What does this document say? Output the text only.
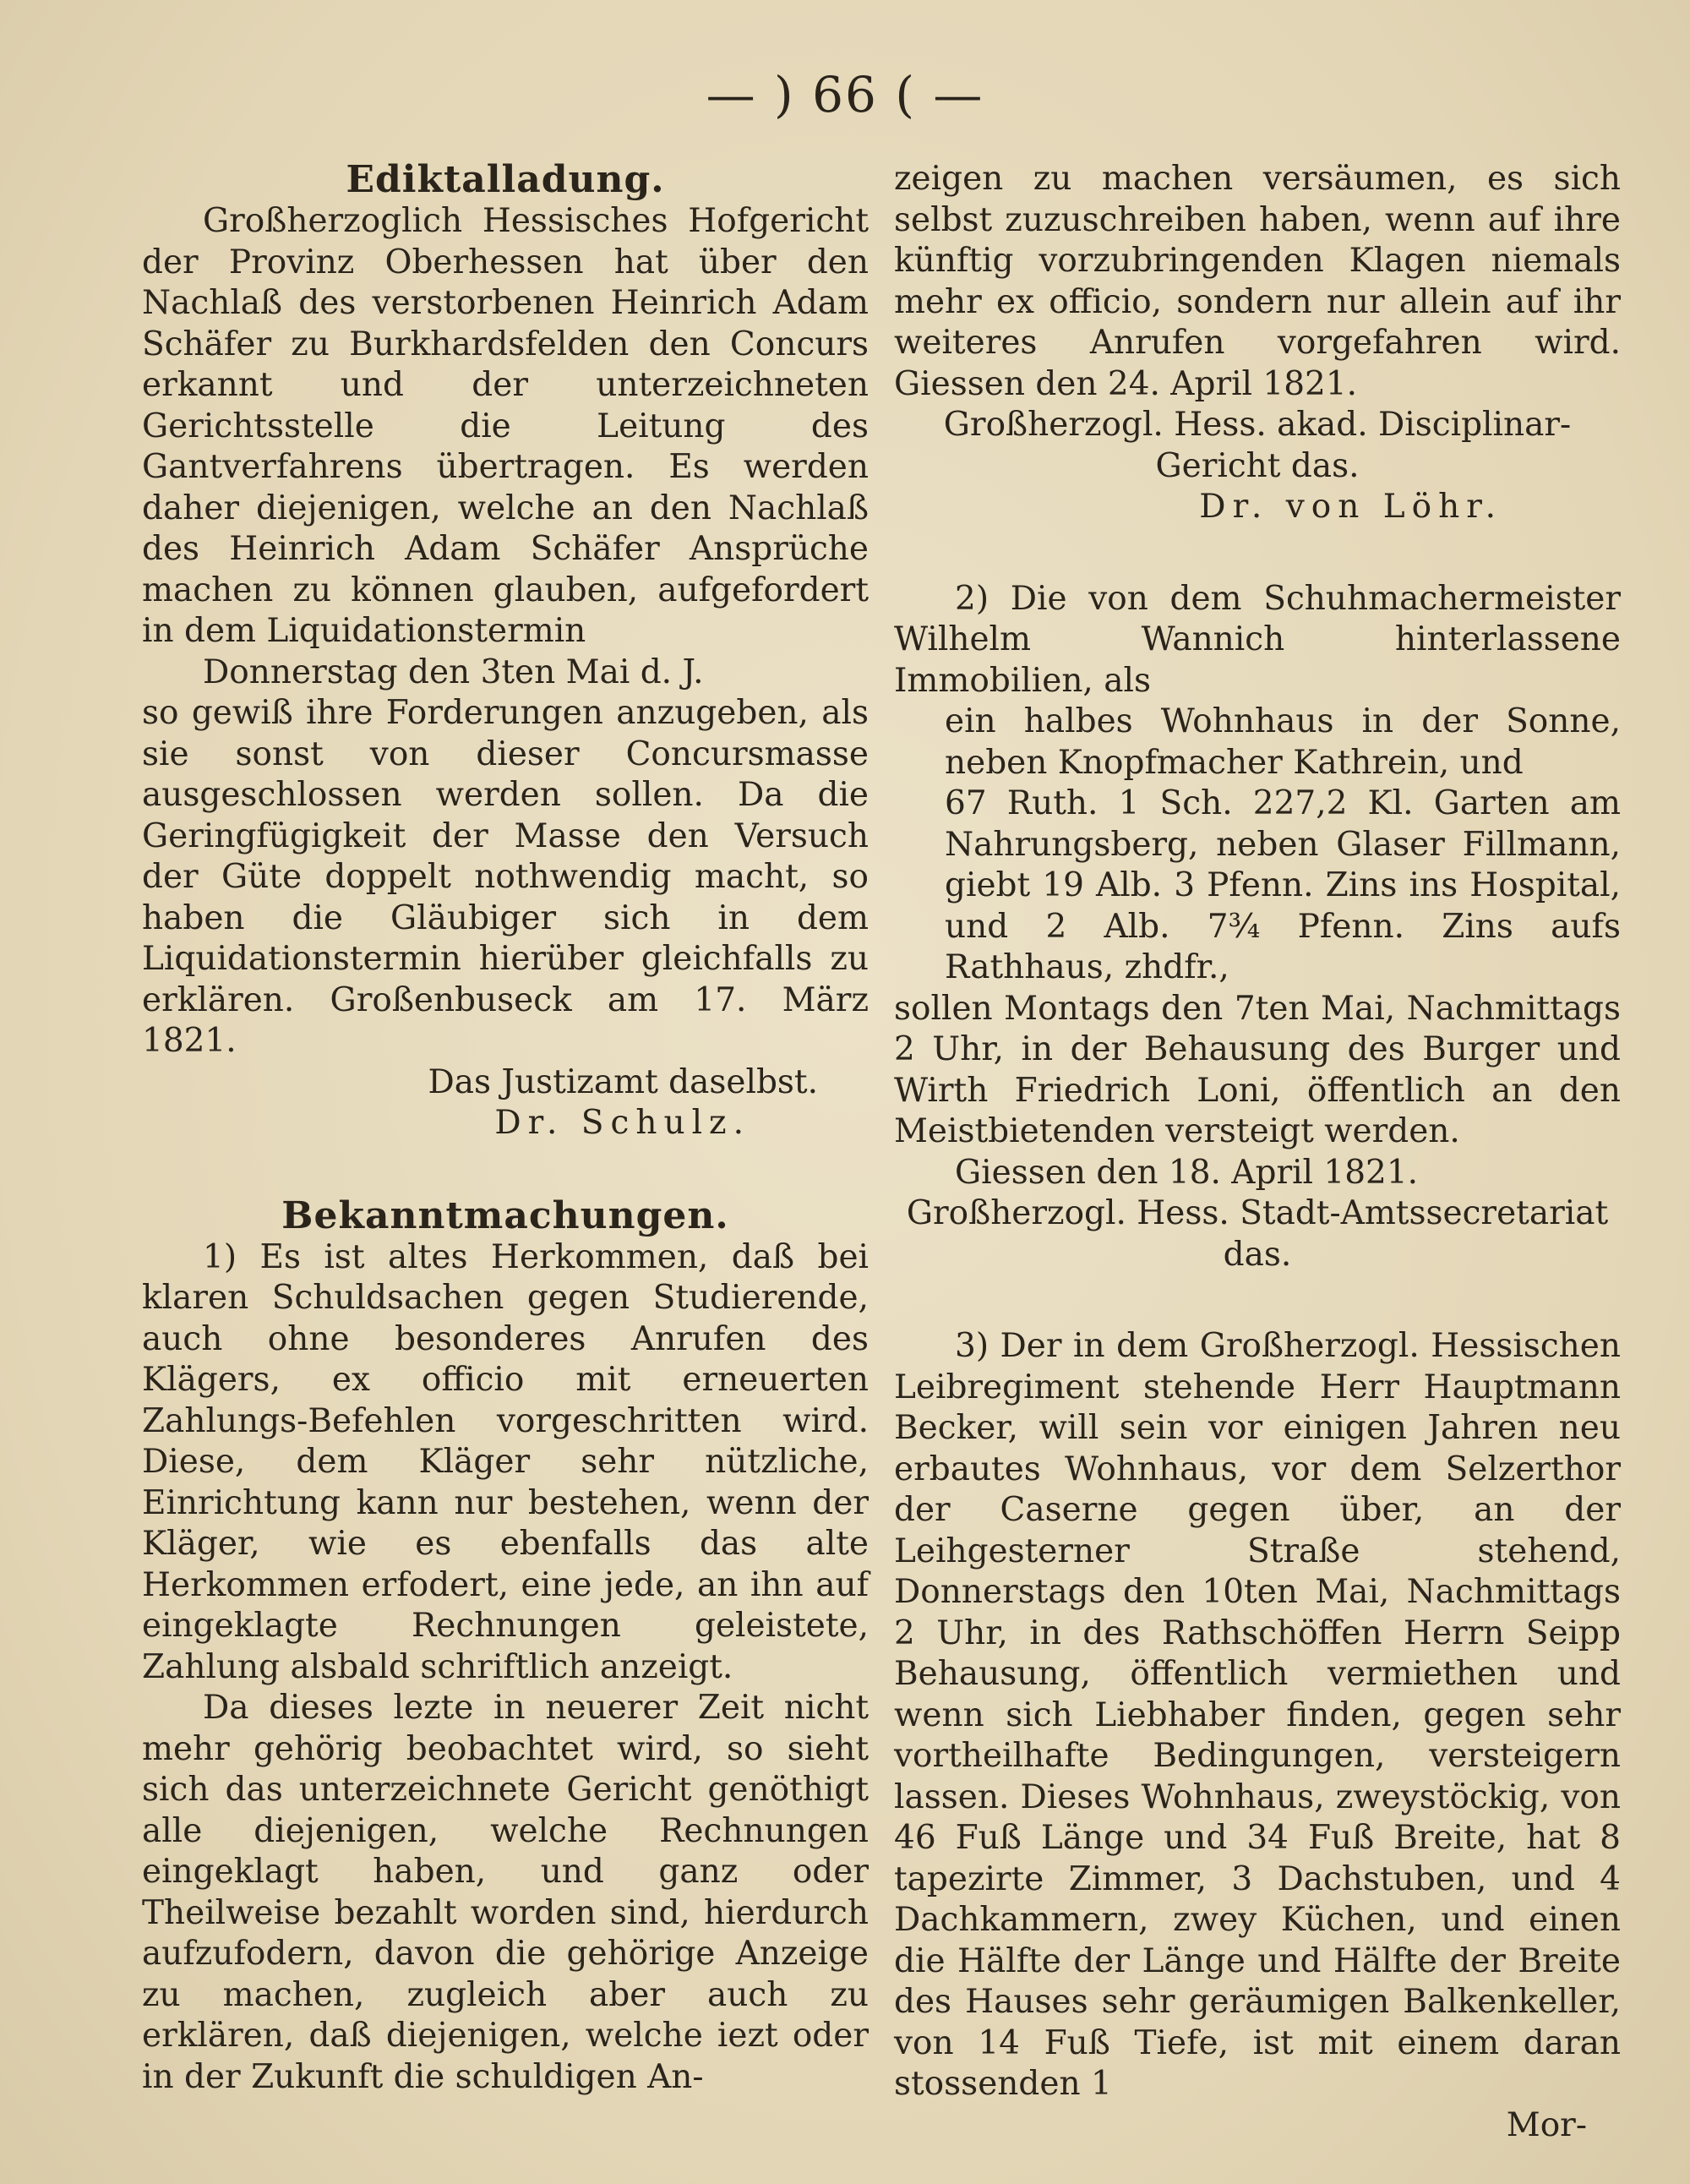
— ) 66 ( —
Ediktalladung.

Großherzoglich Hessisches Hofgericht der Provinz Oberhessen hat über den Nachlaß des verstorbenen Heinrich Adam Schäfer zu Burkhardsfelden den Concurs erkannt und der unterzeichneten Gerichtsstelle die Leitung des Gantverfahrens übertragen. Es werden daher diejenigen, welche an den Nachlaß des Heinrich Adam Schäfer Ansprüche machen zu können glauben, aufgefordert in dem Liquidationstermin

Donnerstag den 3ten Mai d. J.

so gewiß ihre Forderungen anzugeben, als sie sonst von dieser Concursmasse ausgeschlossen werden sollen. Da die Geringfügigkeit der Masse den Versuch der Güte doppelt nothwendig macht, so haben die Gläubiger sich in dem Liquidationstermin hierüber gleichfalls zu erklären. Großenbuseck am 17. März 1821.

Das Justizamt daselbst.

Dr. Schulz.

Bekanntmachungen.

1) Es ist altes Herkommen, daß bei klaren Schuldsachen gegen Studierende, auch ohne besonderes Anrufen des Klägers, ex officio mit erneuerten Zahlungs-Befehlen vorgeschritten wird. Diese, dem Kläger sehr nützliche, Einrichtung kann nur bestehen, wenn der Kläger, wie es ebenfalls das alte Herkommen erfodert, eine jede, an ihn auf eingeklagte Rechnungen geleistete, Zahlung alsbald schriftlich anzeigt.

Da dieses lezte in neuerer Zeit nicht mehr gehörig beobachtet wird, so sieht sich das unterzeichnete Gericht genöthigt alle diejenigen, welche Rechnungen eingeklagt haben, und ganz oder Theilweise bezahlt worden sind, hierdurch aufzufodern, davon die gehörige Anzeige zu machen, zugleich aber auch zu erklären, daß diejenigen, welche iezt oder in der Zukunft die schuldigen An-

zeigen zu machen versäumen, es sich selbst zuzuschreiben haben, wenn auf ihre künftig vorzubringenden Klagen niemals mehr ex officio, sondern nur allein auf ihr weiteres Anrufen vorgefahren wird. Giessen den 24. April 1821.

Großherzogl. Hess. akad. Disciplinar-Gericht das.

Dr. von Löhr.

2) Die von dem Schuhmachermeister Wilhelm Wannich hinterlassene Immobilien, als

ein halbes Wohnhaus in der Sonne, neben Knopfmacher Kathrein, und

67 Ruth. 1 Sch. 227,2 Kl. Garten am Nahrungsberg, neben Glaser Fillmann, giebt 19 Alb. 3 Pfenn. Zins ins Hospital, und 2 Alb. 7¾ Pfenn. Zins aufs Rathhaus, zhdfr.,

sollen Montags den 7ten Mai, Nachmittags 2 Uhr, in der Behausung des Burger und Wirth Friedrich Loni, öffentlich an den Meistbietenden versteigt werden.

Giessen den 18. April 1821.

Großherzogl. Hess. Stadt-Amtssecretariat das.

3) Der in dem Großherzogl. Hessischen Leibregiment stehende Herr Hauptmann Becker, will sein vor einigen Jahren neu erbautes Wohnhaus, vor dem Selzerthor der Caserne gegen über, an der Leihgesterner Straße stehend, Donnerstags den 10ten Mai, Nachmittags 2 Uhr, in des Rathschöffen Herrn Seipp Behausung, öffentlich vermiethen und wenn sich Liebhaber finden, gegen sehr vortheilhafte Bedingungen, versteigern lassen. Dieses Wohnhaus, zweystöckig, von 46 Fuß Länge und 34 Fuß Breite, hat 8 tapezirte Zimmer, 3 Dachstuben, und 4 Dachkammern, zwey Küchen, und einen die Hälfte der Länge und Hälfte der Breite des Hauses sehr geräumigen Balkenkeller, von 14 Fuß Tiefe, ist mit einem daran stossenden 1

Mor-
